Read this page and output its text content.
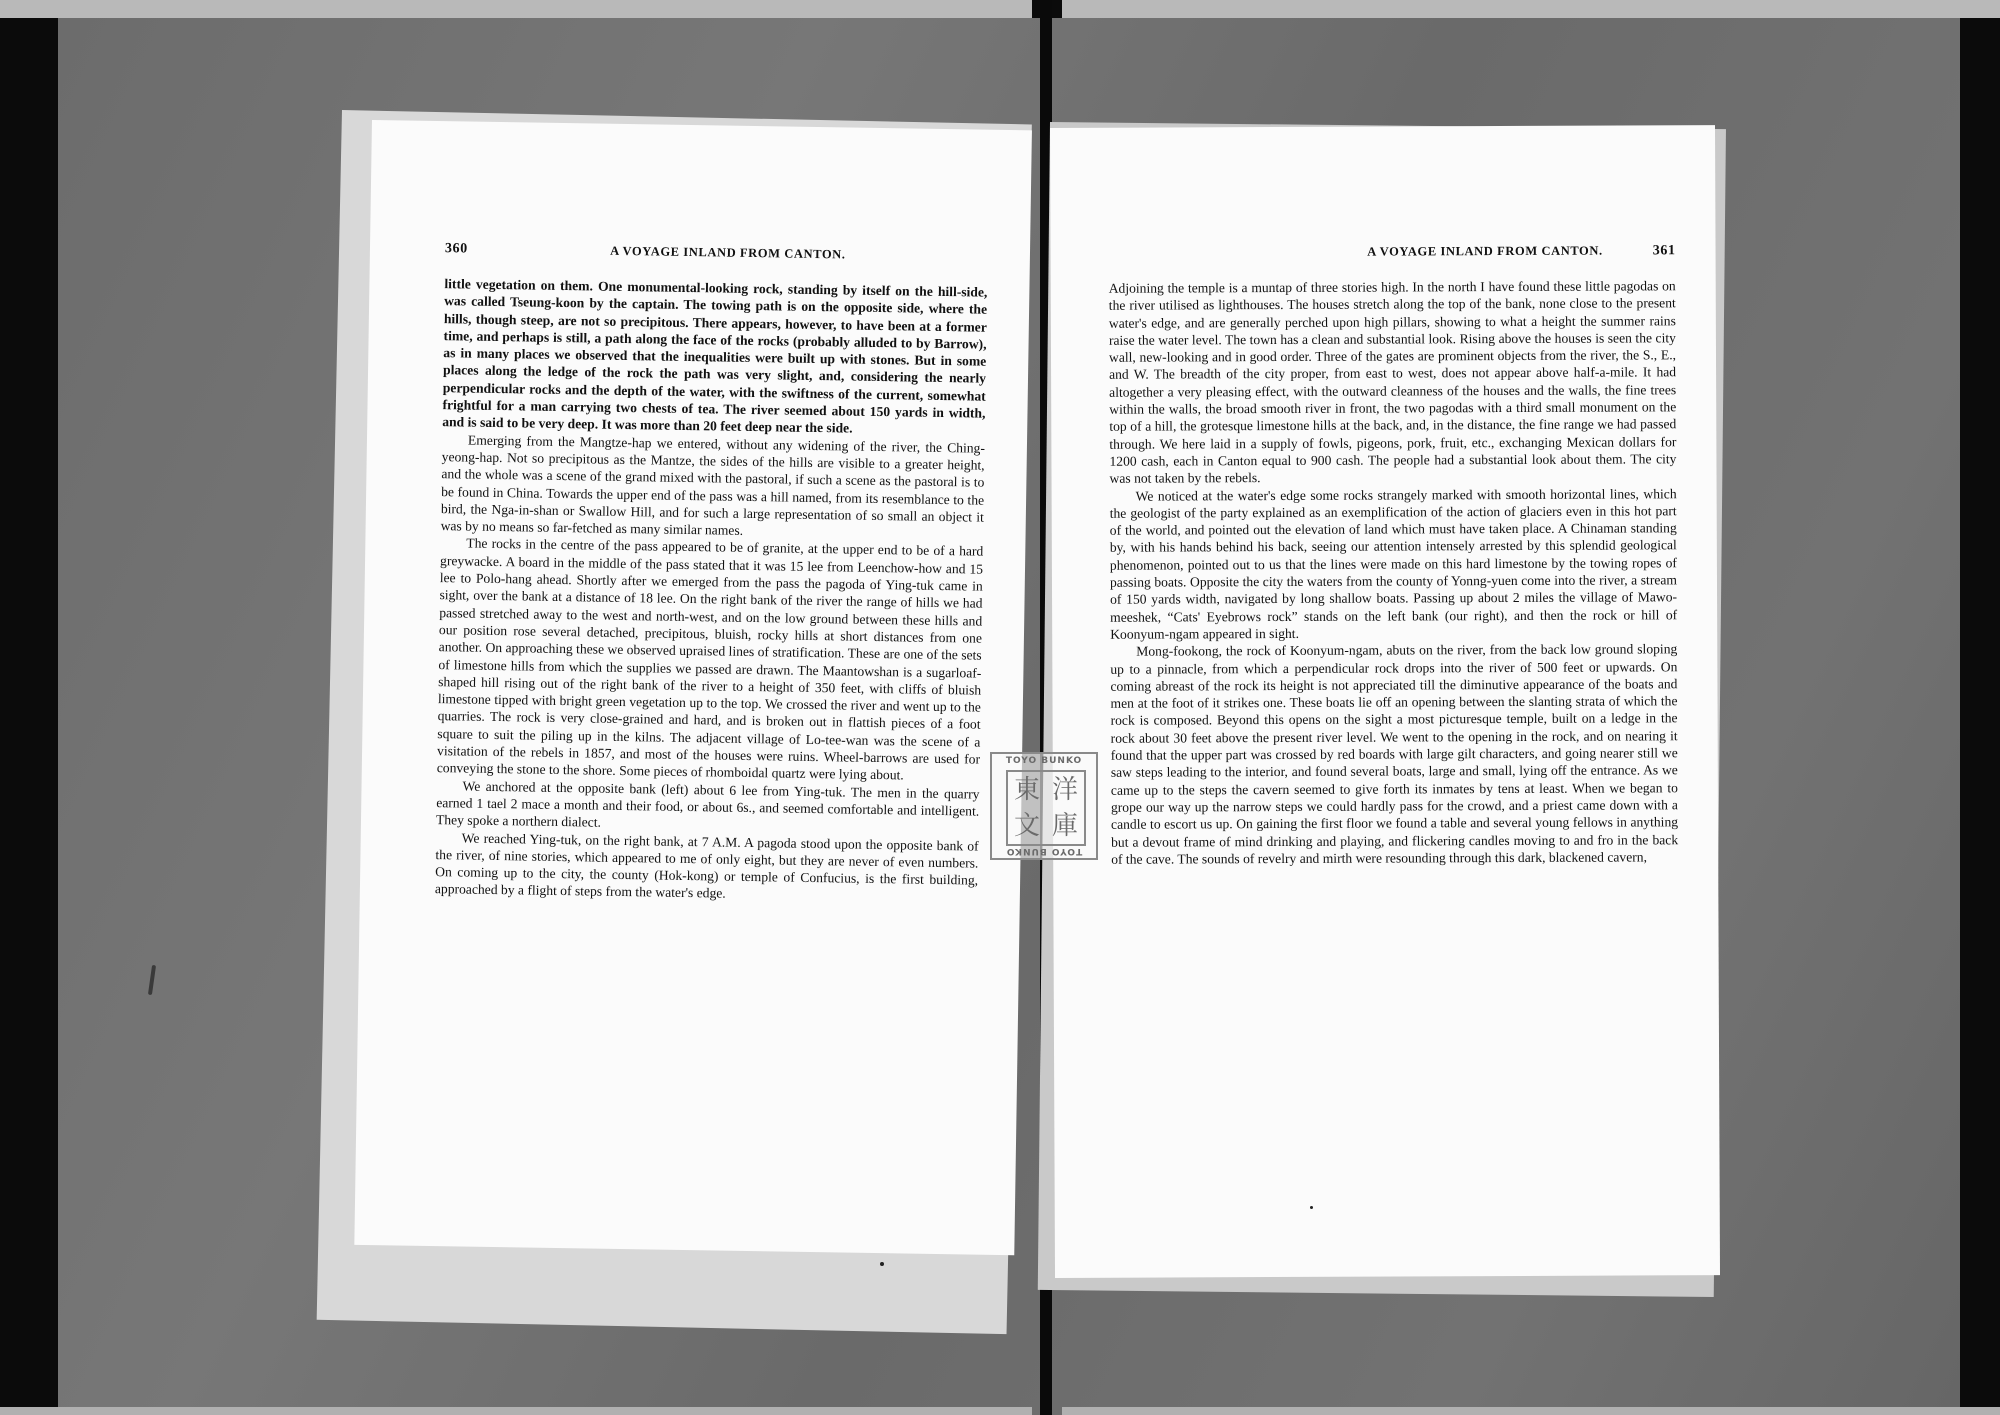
360	A VOYAGE INLAND FROM CANTON.

little vegetation on them. One monumental-looking rock, standing by itself on the hill-side, was called Tseung-koon by the captain. The towing path is on the opposite side, where the hills, though steep, are not so precipitous. There appears, however, to have been at a former time, and perhaps is still, a path along the face of the rocks (probably alluded to by Barrow), as in many places we observed that the inequalities were built up with stones. But in some places along the ledge of the rock the path was very slight, and, considering the nearly perpendicular rocks and the depth of the water, with the swiftness of the current, somewhat frightful for a man carrying two chests of tea. The river seemed about 150 yards in width, and is said to be very deep. It was more than 20 feet deep near the side.

Emerging from the Mangtze-hap we entered, without any widening of the river, the Ching-yeong-hap. Not so precipitous as the Mantze, the sides of the hills are visible to a greater height, and the whole was a scene of the grand mixed with the pastoral, if such a scene as the pastoral is to be found in China. Towards the upper end of the pass was a hill named, from its resemblance to the bird, the Nga-in-shan or Swallow Hill, and for such a large representation of so small an object it was by no means so far-fetched as many similar names.

The rocks in the centre of the pass appeared to be of granite, at the upper end to be of a hard greywacke. A board in the middle of the pass stated that it was 15 lee from Leenchow-how and 15 lee to Polo-hang ahead. Shortly after we emerged from the pass the pagoda of Ying-tuk came in sight, over the bank at a distance of 18 lee. On the right bank of the river the range of hills we had passed stretched away to the west and north-west, and on the low ground between these hills and our position rose several detached, precipitous, bluish, rocky hills at short distances from one another. On approaching these we observed upraised lines of stratification. These are one of the sets of limestone hills from which the supplies we passed are drawn. The Maantowshan is a sugarloaf-shaped hill rising out of the right bank of the river to a height of 350 feet, with cliffs of bluish limestone tipped with bright green vegetation up to the top. We crossed the river and went up to the quarries. The rock is very close-grained and hard, and is broken out in flattish pieces of a foot square to suit the piling up in the kilns. The adjacent village of Lo-tee-wan was the scene of a visitation of the rebels in 1857, and most of the houses were ruins. Wheel-barrows are used for conveying the stone to the shore. Some pieces of rhomboidal quartz were lying about.

We anchored at the opposite bank (left) about 6 lee from Ying-tuk. The men in the quarry earned 1 tael 2 mace a month and their food, or about 6s., and seemed comfortable and intelligent. They spoke a northern dialect.

We reached Ying-tuk, on the right bank, at 7 A.M. A pagoda stood upon the opposite bank of the river, of nine stories, which appeared to me of only eight, but they are never of even numbers. On coming up to the city, the county (Hok-kong) or temple of Confucius, is the first building, approached by a flight of steps from the water's edge.

A VOYAGE INLAND FROM CANTON.	361

Adjoining the temple is a muntap of three stories high. In the north I have found these little pagodas on the river utilised as lighthouses. The houses stretch along the top of the bank, none close to the present water's edge, and are generally perched upon high pillars, showing to what a height the summer rains raise the water level. The town has a clean and substantial look. Rising above the houses is seen the city wall, new-looking and in good order. Three of the gates are prominent objects from the river, the S., E., and W. The breadth of the city proper, from east to west, does not appear above half-a-mile. It had altogether a very pleasing effect, with the outward cleanness of the houses and the walls, the fine trees within the walls, the broad smooth river in front, the two pagodas with a third small monument on the top of a hill, the grotesque limestone hills at the back, and, in the distance, the fine range we had passed through. We here laid in a supply of fowls, pigeons, pork, fruit, etc., exchanging Mexican dollars for 1200 cash, each in Canton equal to 900 cash. The people had a substantial look about them. The city was not taken by the rebels.

We noticed at the water's edge some rocks strangely marked with smooth horizontal lines, which the geologist of the party explained as an exemplification of the action of glaciers even in this hot part of the world, and pointed out the elevation of land which must have taken place. A Chinaman standing by, with his hands behind his back, seeing our attention intensely arrested by this splendid geological phenomenon, pointed out to us that the lines were made on this hard limestone by the towing ropes of passing boats. Opposite the city the waters from the county of Yonng-yuen come into the river, a stream of 150 yards width, navigated by long shallow boats. Passing up about 2 miles the village of Mawo-meeshek, “Cats' Eyebrows rock” stands on the left bank (our right), and then the rock or hill of Koonyum-ngam appeared in sight.

Mong-fookong, the rock of Koonyum-ngam, abuts on the river, from the back low ground sloping up to a pinnacle, from which a perpendicular rock drops into the river of 500 feet or upwards. On coming abreast of the rock its height is not appreciated till the diminutive appearance of the boats and men at the foot of it strikes one. These boats lie off an opening between the slanting strata of which the rock is composed. Beyond this opens on the sight a most picturesque temple, built on a ledge in the rock about 30 feet above the present river level. We went to the opening in the rock, and on nearing it found that the upper part was crossed by red boards with large gilt characters, and going nearer still we saw steps leading to the interior, and found several boats, large and small, lying off the entrance. As we came up to the steps the cavern seemed to give forth its inmates by tens at least. When we began to grope our way up the narrow steps we could hardly pass for the crowd, and a priest came down with a candle to escort us up. On gaining the first floor we found a table and several young fellows in anything but a devout frame of mind drinking and playing, and flickering candles moving to and fro in the back of the cave. The sounds of revelry and mirth were resounding through this dark, blackened cavern,

TOYO BUNKO
東 洋
文 庫
TOYO BUNKO
